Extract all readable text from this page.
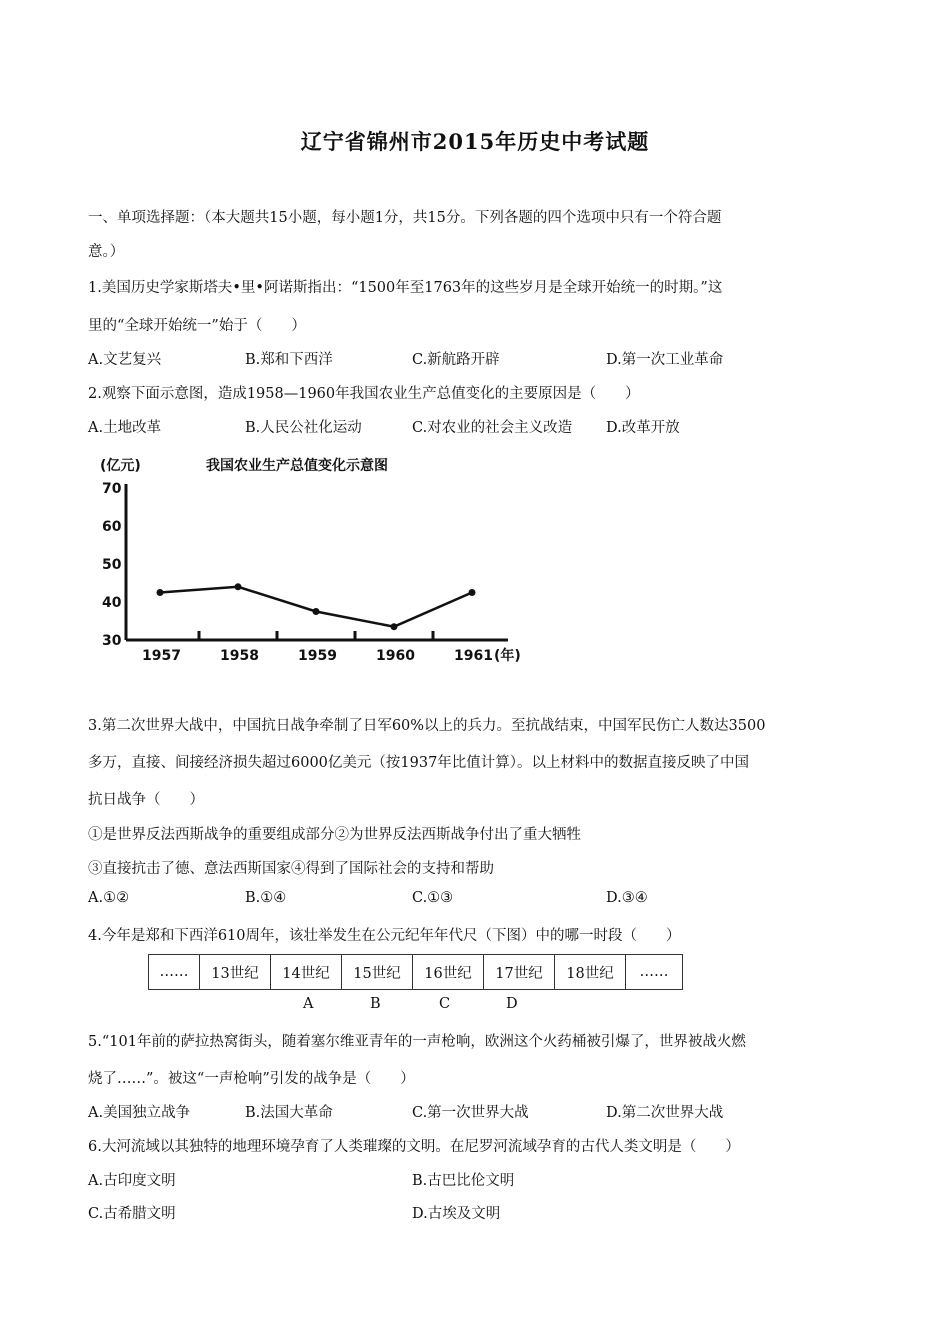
辽宁省锦州市2015年历史中考试题
一、单项选择题：（本大题共15小题，每小题1分，共15分。下列各题的四个选项中只有一个符合题
意。）
1.美国历史学家斯塔夫•里•阿诺斯指出：“1500年至1763年的这些岁月是全球开始统一的时期。”这
里的“全球开始统一”始于（　　）
A.文艺复兴	B.郑和下西洋	C.新航路开辟	D.第一次工业革命
2.观察下面示意图，造成1958—1960年我国农业生产总值变化的主要原因是（　　）
A.土地改革	B.人民公社化运动	C.对农业的社会主义改造 D.改革开放
(亿元)	我国农业生产总值变化示意图
(年)
70
60
50
40
30
1957	1958	1959	1960	1961
3.第二次世界大战中，中国抗日战争牵制了日军60%以上的兵力。至抗战结束，中国军民伤亡人数达3500
多万，直接、间接经济损失超过6000亿美元（按1937年比值计算）。以上材料中的数据直接反映了中国
抗日战争（　　）
①是世界反法西斯战争的重要组成部分②为世界反法西斯战争付出了重大牺牲
③直接抗击了德、意法西斯国家④得到了国际社会的支持和帮助
A.①②	B.①④	C.①③	D.③④
4.今年是郑和下西洋610周年，该壮举发生在公元纪年年代尺（下图）中的哪一时段（　　）
……	13世纪	14世纪	15世纪	16世纪	17世纪	18世纪	……
A	B	C	D
5.“101年前的萨拉热窝街头，随着塞尔维亚青年的一声枪响，欧洲这个火药桶被引爆了，世界被战火燃
烧了……”。被这“一声枪响”引发的战争是（　　）
A.美国独立战争	B.法国大革命	C.第一次世界大战	D.第二次世界大战
6.大河流域以其独特的地理环境孕育了人类璀璨的文明。在尼罗河流域孕育的古代人类文明是（　　）
A.古印度文明	B.古巴比伦文明
C.古希腊文明	D.古埃及文明
